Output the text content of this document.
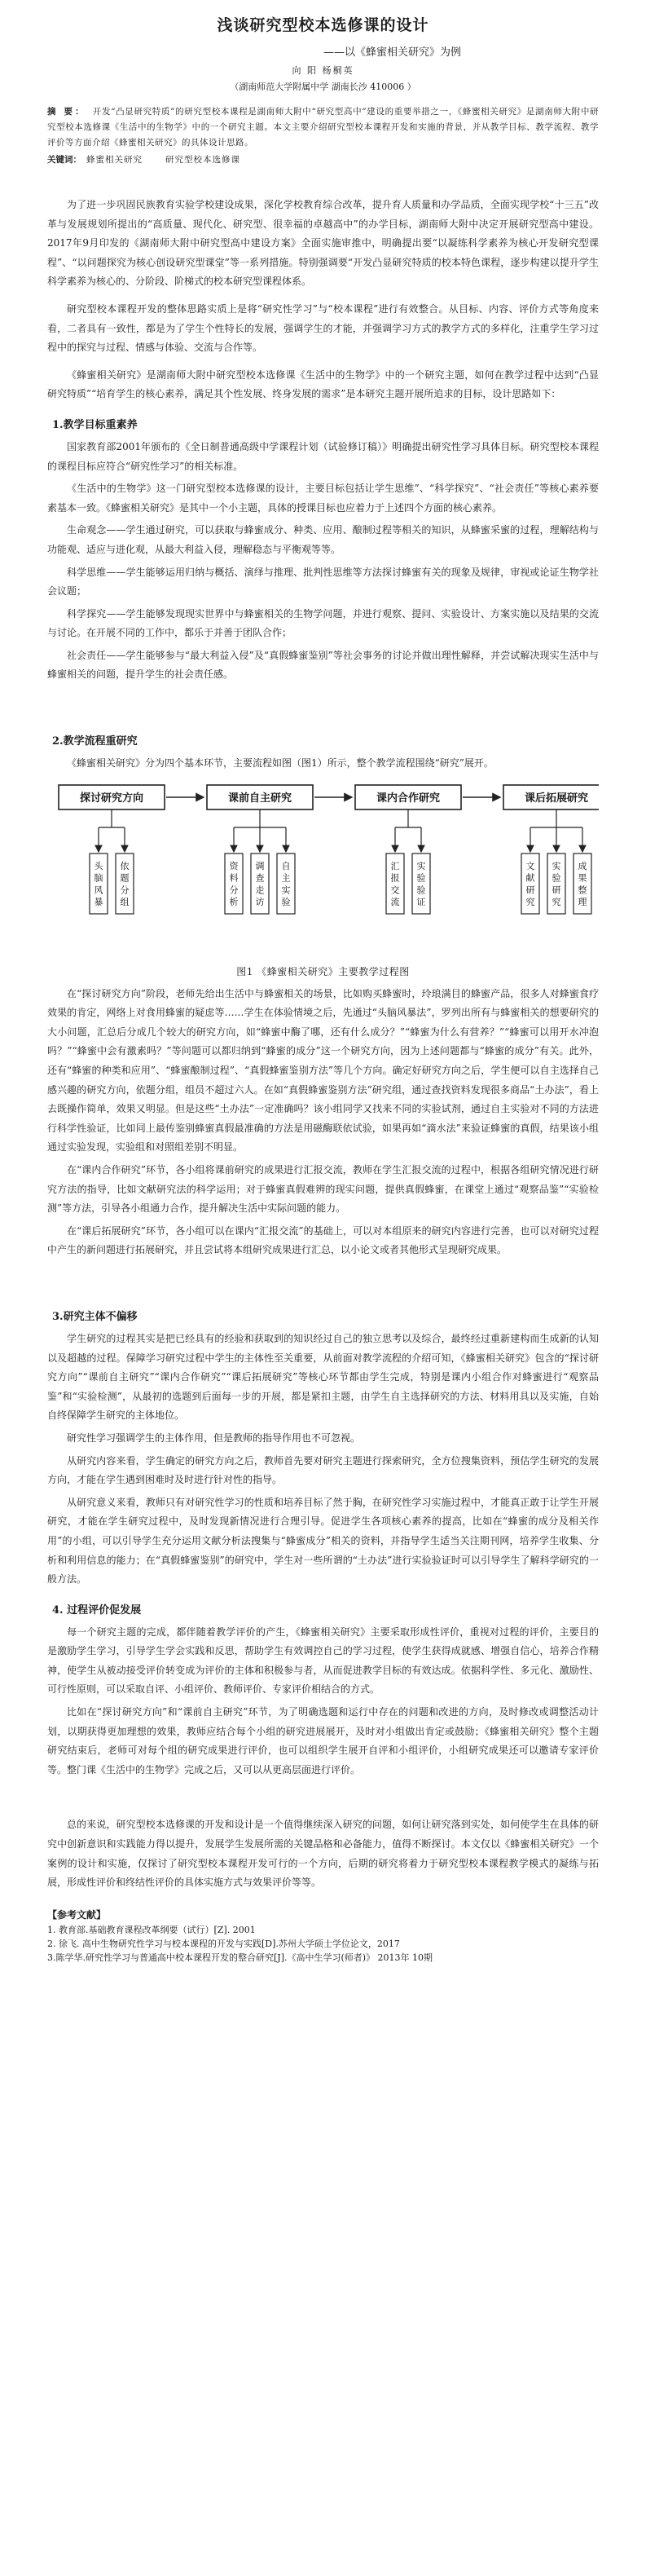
浅谈研究型校本选修课的设计
——以《蜂蜜相关研究》为例
向 阳 杨桐英
（湖南师范大学附属中学 湖南长沙 410006 ）
摘 要： 开发“凸显研究特质”的研究型校本课程是湖南师大附中“研究型高中”建设的重要举措之一，《蜂蜜相关研究》是湖南师大附中研究型校本选修课《生活中的生物学》中的一个研究主题。本文主要介绍研究型校本课程开发和实施的背景，并从教学目标、教学流程、教学评价等方面介绍《蜂蜜相关研究》的具体设计思路。
关键词： 蜂蜜相关研究	研究型校本选修课

为了进一步巩固民族教育实验学校建设成果，深化学校教育综合改革，提升育人质量和办学品质，全面实现学校“十三五”改革与发展规划所提出的“高质量、现代化、研究型、很幸福的卓越高中”的办学目标，湖南师大附中决定开展研究型高中建设。2017年9月印发的《湖南师大附中研究型高中建设方案》全面实施审推中，明确提出要“以凝练科学素养为核心开发研究型课程”、“以问题探究为核心创设研究型课堂”等一系列措施。特别强调要“开发凸显研究特质的校本特色课程，逐步构建以提升学生科学素养为核心的、分阶段、阶梯式的校本研究型课程体系。

研究型校本课程开发的整体思路实质上是将“研究性学习”与“校本课程”进行有效整合。从目标、内容、评价方式等角度来看，二者具有一致性，都是为了学生个性特长的发展，强调学生的才能，并强调学习方式的教学方式的多样化，注重学生学习过程中的探究与过程、情感与体验、交流与合作等。

《蜂蜜相关研究》是湖南师大附中研究型校本选修课《生活中的生物学》中的一个研究主题，如何在教学过程中达到“凸显研究特质”“培育学生的核心素养，满足其个性发展、终身发展的需求”是本研究主题开展所追求的目标，设计思路如下：

1.教学目标重素养

国家教育部2001年颁布的《全日制普通高级中学课程计划（试验修订稿）》明确提出研究性学习具体目标。研究型校本课程的课程目标应符合“研究性学习”的相关标准。

《生活中的生物学》这一门研究型校本选修课的设计，主要目标包括让学生思维”、“科学探究”、“社会责任”等核心素养要素基本一致。《蜂蜜相关研究》是其中一个小主题，具体的授课目标也应着力于上述四个方面的核心素养。

生命观念——学生通过研究，可以获取与蜂蜜成分、种类、应用、酿制过程等相关的知识，从蜂蜜采蜜的过程，理解结构与功能观、适应与进化观，从最大利益入侵，理解稳态与平衡观等等。

科学思维——学生能够运用归纳与概括、演绎与推理、批判性思维等方法探讨蜂蜜有关的现象及规律，审视或论证生物学社会议题；

科学探究——学生能够发现现实世界中与蜂蜜相关的生物学问题，并进行观察、提问、实验设计、方案实施以及结果的交流与讨论。在开展不同的工作中，都乐于并善于团队合作；

社会责任——学生能够参与“最大利益入侵”及“真假蜂蜜鉴别”等社会事务的讨论并做出理性解释，并尝试解决现实生活中与蜂蜜相关的问题，提升学生的社会责任感。

2.教学流程重研究

《蜂蜜相关研究》分为四个基本环节，主要流程如图（图1）所示，整个教学流程围绕“研究”展开。

探讨研究方向
头
脑
风
暴
依
题
分
组
课前自主研究
资
料
分
析
调
查
走
访
自
主
实
验
课内合作研究
汇
报
交
流
实
验
验
证
课后拓展研究
文
献
研
究
实
验
研
究
成
果
整
理
图1 《蜂蜜相关研究》主要教学过程图

在“探讨研究方向”阶段，老师先给出生活中与蜂蜜相关的场景，比如购买蜂蜜时，玲琅满目的蜂蜜产品，很多人对蜂蜜食疗效果的肯定，网络上对食用蜂蜜的疑虑等……学生在体验情境之后，先通过“头脑风暴法”，罗列出所有与蜂蜜相关的想要研究的大小问题，汇总后分成几个较大的研究方向，如“蜂蜜中酶了哪，还有什么成分？”“蜂蜜为什么有营养？”“蜂蜜可以用开水冲泡吗？”“蜂蜜中会有激素吗？”等问题可以都归纳到“蜂蜜的成分”这一个研究方向，因为上述问题都与“蜂蜜的成分”有关。此外，还有“蜂蜜的种类和应用”、“蜂蜜酿制过程”、“真假蜂蜜鉴别方法”等几个方向。确定好研究方向之后，学生便可以自主选择自己感兴趣的研究方向，依题分组，组员不超过六人。在如“真假蜂蜜鉴别方法”研究组，通过查找资料发现很多商品“土办法”，看上去既操作简单，效果又明显。但是这些“土办法”一定准确吗？该小组同学又找来不同的实验试剂，通过自主实验对不同的方法进行科学性验证，比如同上最传鉴别蜂蜜真假最准确的方法是用磁酶联依试验，如果再如“滴水法”来验证蜂蜜的真假，结果该小组通过实验发现，实验组和对照组差别不明显。

在“课内合作研究”环节，各小组将课前研究的成果进行汇报交流，教师在学生汇报交流的过程中，根据各组研究情况进行研究方法的指导，比如文献研究法的科学运用；对于蜂蜜真假难辨的现实问题，提供真假蜂蜜，在课堂上通过“观察品鉴”“实验检测”等方法，引导各小组通力合作，提升解决生活中实际问题的能力。

在“课后拓展研究”环节，各小组可以在课内“汇报交流”的基础上，可以对本组原来的研究内容进行完善，也可以对研究过程中产生的新问题进行拓展研究，并且尝试将本组研究成果进行汇总，以小论文或者其他形式呈现研究成果。

3.研究主体不偏移

学生研究的过程其实是把已经具有的经验和获取到的知识经过自己的独立思考以及综合，最终经过重新建构而生成新的认知以及超越的过程。保障学习研究过程中学生的主体性至关重要，从前面对教学流程的介绍可知，《蜂蜜相关研究》包含的“探讨研究方向”“课前自主研究”“课内合作研究”“课后拓展研究”等核心环节都由学生完成，特别是课内小组合作对蜂蜜进行“观察品鉴”和“实验检测”，从最初的选题到后面每一步的开展，都是紧扣主题，由学生自主选择研究的方法、材料用具以及实施，自始自终保障学生研究的主体地位。

研究性学习强调学生的主体作用，但是教师的指导作用也不可忽视。

从研究内容来看，学生确定的研究方向之后，教师首先要对研究主题进行探索研究，全方位搜集资料，预估学生研究的发展方向，才能在学生遇到困难时及时进行针对性的指导。

从研究意义来看，教师只有对研究性学习的性质和培养目标了然于胸，在研究性学习实施过程中，才能真正敢于让学生开展研究，才能在学生研究过程中，及时发现新情况进行合理引导。促进学生各项核心素养的提高，比如在“蜂蜜的成分及相关作用”的小组，可以引导学生充分运用文献分析法搜集与“蜂蜜成分”相关的资料，并指导学生适当关注期刊网，培养学生收集、分析和利用信息的能力；在“真假蜂蜜鉴别”的研究中，学生对一些所谓的“土办法”进行实验验证时可以引导学生了解科学研究的一般方法。

4. 过程评价促发展

每一个研究主题的完成，都伴随着教学评价的产生，《蜂蜜相关研究》主要采取形成性评价，重视对过程的评价，主要目的是激励学生学习，引导学生学会实践和反思，帮助学生有效调控自己的学习过程，使学生获得成就感、增强自信心，培养合作精神，使学生从被动接受评价转变成为评价的主体和积极参与者，从而促进教学目标的有效达成。依据科学性、多元化、激励性、可行性原则，可以采取自评、小组评价、教师评价、专家评价相结合的方式。

比如在“探讨研究方向”和“课前自主研究”环节，为了明确选题和运行中存在的问题和改进的方向，及时修改或调整活动计划，以期获得更加理想的效果，教师应结合每个小组的研究进展展开，及时对小组做出肯定或鼓励；《蜂蜜相关研究》整个主题研究结束后，老师可对每个组的研究成果进行评价，也可以组织学生展开自评和小组评价，小组研究成果还可以邀请专家评价等。整门课《生活中的生物学》完成之后，又可以从更高层面进行评价。

总的来说，研究型校本选修课的开发和设计是一个值得继续深入研究的问题，如何让研究落到实处，如何使学生在具体的研究中创新意识和实践能力得以提升，发展学生发展所需的关键品格和必备能力，值得不断探讨。本文仅以《蜂蜜相关研究》一个案例的设计和实施，仅探讨了研究型校本课程开发可行的一个方向，后期的研究将着力于研究型校本课程教学模式的凝练与拓展，形成性评价和终结性评价的具体实施方式与效果评价等等。

【参考文献】
1. 教育部.基础教育课程改革纲要（试行）[Z]. 2001
2. 徐飞. 高中生物研究性学习与校本课程的开发与实践[D].苏州大学硕士学位论文，2017
3.陈学华.研究性学习与普通高中校本课程开发的整合研究[J].《高中生学习(师者)》 2013年 10期
